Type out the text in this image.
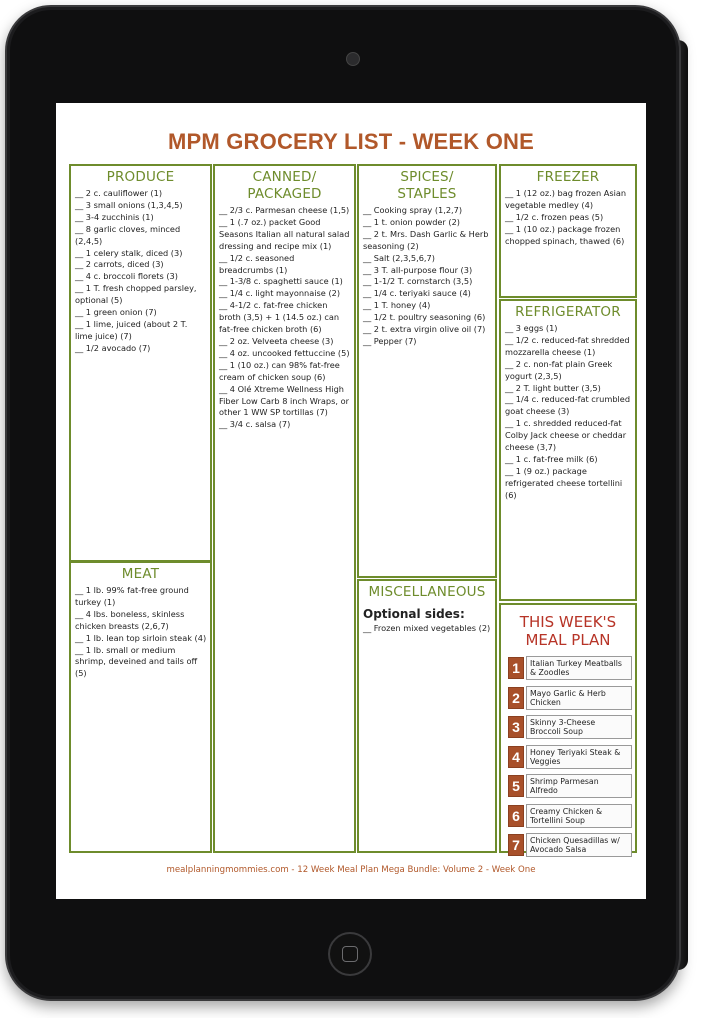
MPM GROCERY LIST - WEEK ONE
PRODUCE
__ 2 c. cauliflower (1)
__ 3 small onions (1,3,4,5)
__ 3-4 zucchinis (1)
__ 8 garlic cloves, minced (2,4,5)
__ 1 celery stalk, diced (3)
__ 2 carrots, diced (3)
__ 4 c. broccoli florets (3)
__ 1 T. fresh chopped parsley, optional (5)
__ 1 green onion (7)
__ 1 lime, juiced (about 2 T. lime juice) (7)
__ 1/2 avocado (7)
MEAT
__ 1 lb. 99% fat-free ground turkey (1)
__ 4 lbs. boneless, skinless chicken breasts (2,6,7)
__ 1 lb. lean top sirloin steak (4)
__ 1 lb. small or medium shrimp, deveined and tails off (5)
CANNED/
PACKAGED
__ 2/3 c. Parmesan cheese (1,5)
__ 1 (.7 oz.) packet Good Seasons Italian all natural salad dressing and recipe mix (1)
__ 1/2 c. seasoned breadcrumbs (1)
__ 1-3/8 c. spaghetti sauce (1)
__ 1/4 c. light mayonnaise (2)
__ 4-1/2 c. fat-free chicken broth (3,5) + 1 (14.5 oz.) can fat-free chicken broth (6)
__ 2 oz. Velveeta cheese (3)
__ 4 oz. uncooked fettuccine (5)
__ 1 (10 oz.) can 98% fat-free cream of chicken soup (6)
__ 4 Olé Xtreme Wellness High Fiber Low Carb 8 inch Wraps, or other 1 WW SP tortillas (7)
__ 3/4 c. salsa (7)
SPICES/
STAPLES
__ Cooking spray (1,2,7)
__ 1 t. onion powder (2)
__ 2 t. Mrs. Dash Garlic & Herb seasoning (2)
__ Salt (2,3,5,6,7)
__ 3 T. all-purpose flour (3)
__ 1-1/2 T. cornstarch (3,5)
__ 1/4 c. teriyaki sauce (4)
__ 1 T. honey (4)
__ 1/2 t. poultry seasoning (6)
__ 2 t. extra virgin olive oil (7)
__ Pepper (7)
MISCELLANEOUS
Optional sides:
__ Frozen mixed vegetables (2)
FREEZER
__ 1 (12 oz.) bag frozen Asian vegetable medley (4)
__ 1/2 c. frozen peas (5)
__ 1 (10 oz.) package frozen chopped spinach, thawed (6)
REFRIGERATOR
__ 3 eggs (1)
__ 1/2 c. reduced-fat shredded mozzarella cheese (1)
__ 2 c. non-fat plain Greek yogurt (2,3,5)
__ 2 T. light butter (3,5)
__ 1/4 c. reduced-fat crumbled goat cheese (3)
__ 1 c. shredded reduced-fat Colby Jack cheese or cheddar cheese (3,7)
__ 1 c. fat-free milk (6)
__ 1 (9 oz.) package refrigerated cheese tortellini (6)
THIS WEEK'S
MEAL PLAN
1	Italian Turkey Meatballs & Zoodles
2	Mayo Garlic & Herb Chicken
3	Skinny 3-Cheese Broccoli Soup
4	Honey Teriyaki Steak & Veggies
5	Shrimp Parmesan Alfredo
6	Creamy Chicken & Tortellini Soup
7	Chicken Quesadillas w/ Avocado Salsa
mealplanningmommies.com - 12 Week Meal Plan Mega Bundle: Volume 2 - Week One
